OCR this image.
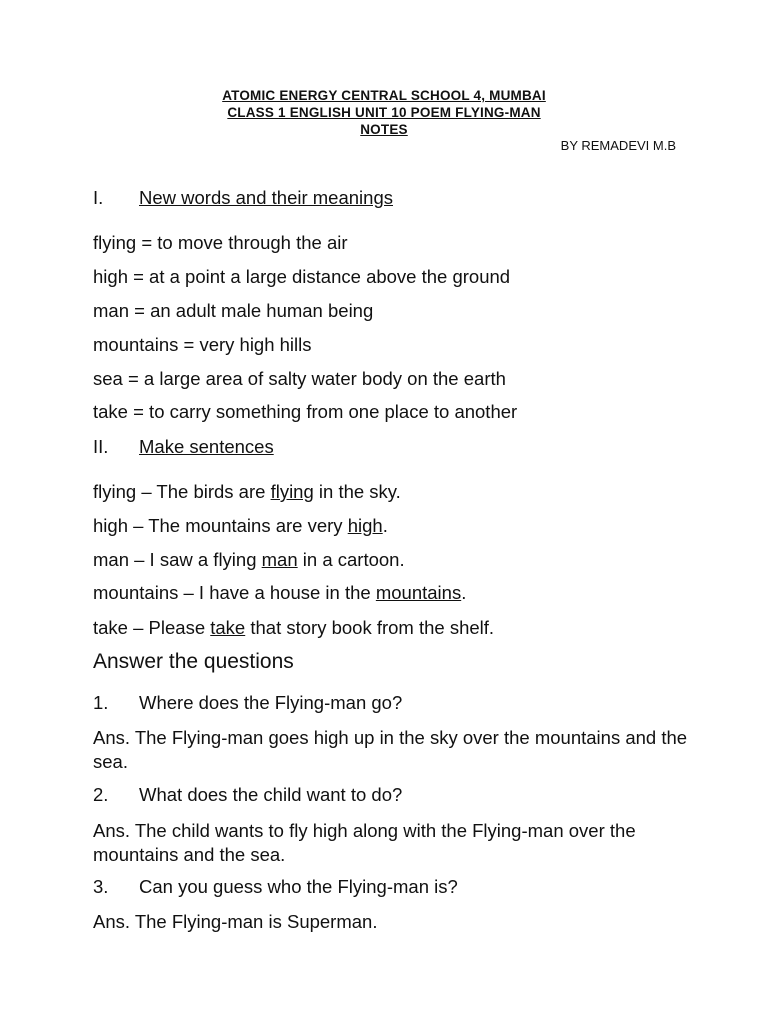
ATOMIC ENERGY CENTRAL SCHOOL 4, MUMBAI
CLASS 1 ENGLISH UNIT 10 POEM FLYING-MAN
NOTES
BY REMADEVI M.B
I. New words and their meanings
flying = to move through the air
high = at a point a large distance above the ground
man = an adult male human being
mountains = very high hills
sea = a large area of salty water body on the earth
take = to carry something from one place to another
II. Make sentences
flying – The birds are flying in the sky.
high – The mountains are very high.
man – I saw a flying man in a cartoon.
mountains – I have a house in the mountains.
take – Please take that story book from the shelf.
Answer the questions
1. Where does the Flying-man go?
Ans. The Flying-man goes high up in the sky over the mountains and the sea.
2. What does the child want to do?
Ans. The child wants to fly high along with the Flying-man over the mountains and the sea.
3. Can you guess who the Flying-man is?
Ans. The Flying-man is Superman.
